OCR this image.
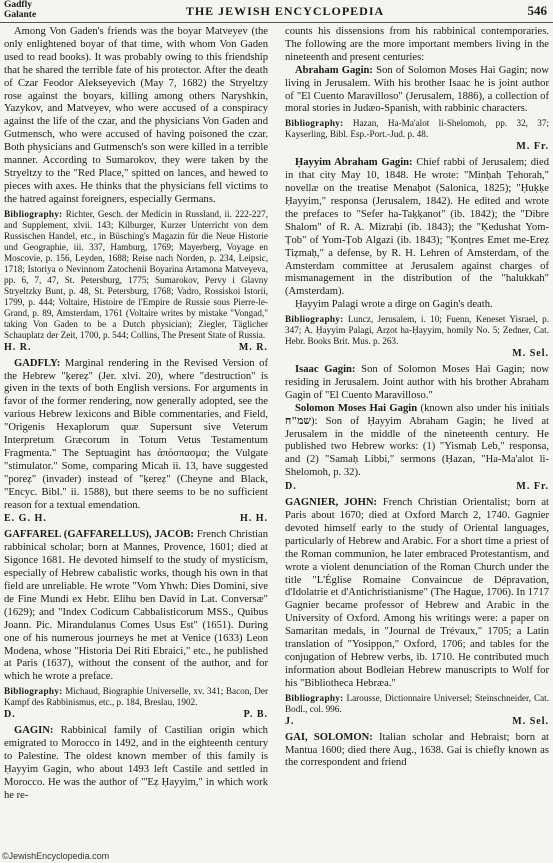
Gadfly
Galante	THE JEWISH ENCYCLOPEDIA	546

Among Von Gaden's friends was the boyar Matveyev (the only enlightened boyar of that time, with whom Von Gaden used to read books). It was probably owing to this friendship that he shared the terrible fate of his protector. After the death of Czar Feodor Alekseyevich (May 7, 1682) the Stryeltzy rose against the boyars, killing among others Naryshkin, Yazykov, and Matveyev, who were accused of a conspiracy against the life of the czar, and the physicians Von Gaden and Gutmensch, who were accused of having poisoned the czar. Both physicians and Gutmensch's son were killed in a terrible manner. According to Sumarokov, they were taken by the Stryeltzy to the "Red Place," spitted on lances, and hewed to pieces with axes. He thinks that the physicians fell victims to the hatred against foreigners, especially Germans.

Bibliography: Richter, Gesch. der Medicin in Russland, ii. 222-227, and Supplement, xlvii. 143; Kilburger, Kurzer Unterricht von dem Russischen Handel, etc., in Büsching's Magazin für die Neue Historie und Geographie, iii. 337, Hamburg, 1769; Mayerberg, Voyage en Moscovie, p. 156, Leyden, 1688; Reise nach Norden, p. 234, Leipsic, 1718; Istoriya o Nevinnom Zatochenii Boyarina Artamona Matveyeva, pp. 6, 7, 47, St. Petersburg, 1775; Sumarokov, Pervy i Glavny Stryeltzky Bunt, p. 48, St. Petersburg, 1768; Vadro, Rossiskoi Istorii, 1799, p. 444; Voltaire, Histoire de l'Empire de Russie sous Pierre-le-Grand, p. 89, Amsterdam, 1761 (Voltaire writes by mistake "Vongad," taking Von Gaden to be a Dutch physician); Ziegler, Täglicher Schauplatz der Zeit, 1700, p. 544; Collins, The Present State of Russia.

H. R.	M. R.

GADFLY: Marginal rendering in the Revised Version of the Hebrew "ḳereẓ" (Jer. xlvi. 20), where "destruction" is given in the texts of both English versions. For arguments in favor of the former rendering, now generally adopted, see the various Hebrew lexicons and Bible commentaries, and Field, "Origenis Hexaplorum quæ Supersunt sive Veterum Interpretum Græcorum in Totum Vetus Testamentum Fragmenta." The Septuagint has ἀπόσπασμα; the Vulgate "stimulator." Some, comparing Micah ii. 13, have suggested "poreẓ" (invader) instead of "ḳereẓ" (Cheyne and Black, "Encyc. Bibl." ii. 1588), but there seems to be no sufficient reason for a textual emendation.

E. G. H.	H. H.

GAFFAREL (GAFFARELLUS), JACOB: French Christian rabbinical scholar; born at Mannes, Provence, 1601; died at Sigonce 1681. He devoted himself to the study of mysticism, especially of Hebrew cabalistic works, though his own in that field are unreliable. He wrote "Vom Yhwh: Dies Domini, sive de Fine Mundi ex Hebr. Elihu ben David in Lat. Conversæ" (1629); and "Index Codicum Cabbalisticorum MSS., Quibus Joann. Pic. Mirandulanus Comes Usus Est" (1651). During one of his numerous journeys he met at Venice (1633) Leon Modena, whose "Historia Dei Riti Ebraici," etc., he published at Paris (1637), without the consent of the author, and for which he wrote a preface.

Bibliography: Michaud, Biographie Universelle, xv. 341; Bacon, Der Kampf des Rabbinismus, etc., p. 184, Breslau, 1902.

D.	P. B.

GAGIN: Rabbinical family of Castilian origin which emigrated to Morocco in 1492, and in the eighteenth century to Palestine. The oldest known member of this family is Ḥayyim Gagin, who about 1493 left Castile and settled in Morocco. He was the author of "'Eẓ Ḥayyim," in which work he re-

counts his dissensions from his rabbinical contemporaries. The following are the more important members living in the nineteenth and present centuries:

Abraham Gagin: Son of Solomon Moses Hai Gagin; now living in Jerusalem. With his brother Isaac he is joint author of "El Cuento Maravilloso" (Jerusalem, 1886), a collection of moral stories in Judæo-Spanish, with rabbinic characters.

Bibliography: Hazan, Ha-Ma'alot li-Shelomoh, pp. 32, 37; Kayserling, Bibl. Esp.-Port.-Jud. p. 48.

M. Fr.

Ḥayyim Abraham Gagin: Chief rabbi of Jerusalem; died in that city May 10, 1848. He wrote: "Minḥah Ṭehorah," novellæ on the treatise Menaḥot (Salonica, 1825); "Ḥuḳḳe Ḥayyim," responsa (Jerusalem, 1842). He edited and wrote the prefaces to "Sefer ha-Taḳḳanot" (ib. 1842); the "Dibre Shalom" of R. A. Mizraḥi (ib. 1843); the "Ḳedushat Yom-Ṭob" of Yom-Ṭob Algazi (ib. 1843); "Ḳonṭres Emet me-Ereẓ Tiẓmaḥ," a defense, by R. H. Lehren of Amsterdam, of the Amsterdam committee at Jerusalem against charges of mismanagement in the distribution of the "halukkah" (Amsterdam).

Ḥayyim Palagi wrote a dirge on Gagin's death.

Bibliography: Luncz, Jerusalem, i. 10; Fuenn, Keneset Yisrael, p. 347; A. Ḥayyim Palagi, Arẓot ha-Ḥayyim, homily No. 5; Zedner, Cat. Hebr. Books Brit. Mus. p. 263.

M. Sel.

Isaac Gagin: Son of Solomon Moses Hai Gagin; now residing in Jerusalem. Joint author with his brother Abraham Gagin of "El Cuento Maravilloso."

Solomon Moses Hai Gagin (known also under his initials שמ"ח): Son of Ḥayyim Abraham Gagin; he lived at Jerusalem in the middle of the nineteenth century. He published two Hebrew works: (1) "Yismaḥ Leb," responsa, and (2) "Samaḥ Libbi," sermons (Ḥazan, "Ha-Ma'alot li-Shelomoh, p. 32).

D.	M. Fr.

GAGNIER, JOHN: French Christian Orientalist; born at Paris about 1670; died at Oxford March 2, 1740. Gagnier devoted himself early to the study of Oriental languages, particularly of Hebrew and Arabic. For a short time a priest of the Roman communion, he later embraced Protestantism, and wrote a violent denunciation of the Roman Church under the title "L'Église Romaine Convaincue de Dépravation, d'Idolatrie et d'Antichristianisme" (The Hague, 1706). In 1717 Gagnier became professor of Hebrew and Arabic in the University of Oxford. Among his writings were: a paper on Samaritan medals, in "Journal de Trévaux," 1705; a Latin translation of "Yosippon," Oxford, 1706; and tables for the conjugation of Hebrew verbs, ib. 1710. He contributed much information about Bodleian Hebrew manuscripts to Wolf for his "Bibliotheca Hebræa."

Bibliography: Larousse, Dictionnaire Universel; Steinschneider, Cat. Bodl., col. 996.

J.	M. Sel.

GAI, SOLOMON: Italian scholar and Hebraist; born at Mantua 1600; died there Aug., 1638. Gai is chiefly known as the correspondent and friend

©JewishEncyclopedia.com
